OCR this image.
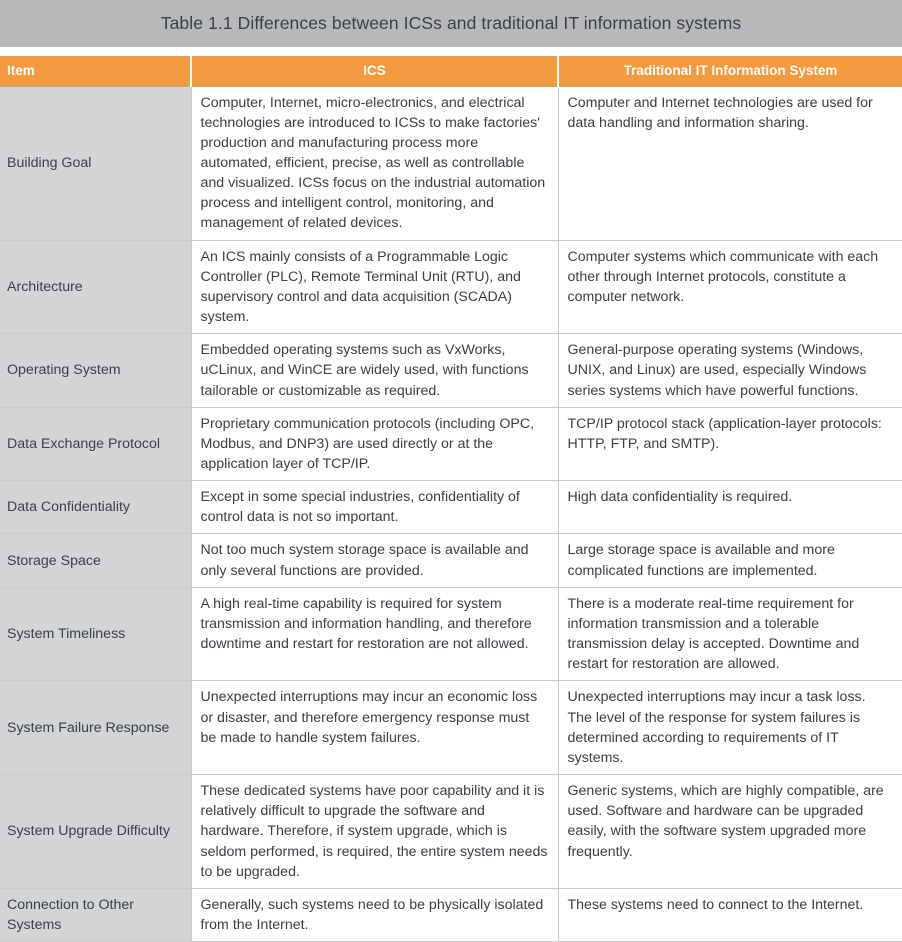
Table 1.1 Differences between ICSs and traditional IT information systems
Item	ICS	Traditional IT Information System
Building Goal	Computer, Internet, micro-electronics, and electrical technologies are introduced to ICSs to make factories' production and manufacturing process more automated, efficient, precise, as well as controllable and visualized. ICSs focus on the industrial automation process and intelligent control, monitoring, and management of related devices.	Computer and Internet technologies are used for data handling and information sharing.
Architecture	An ICS mainly consists of a Programmable Logic Controller (PLC), Remote Terminal Unit (RTU), and supervisory control and data acquisition (SCADA) system.	Computer systems which communicate with each other through Internet protocols, constitute a computer network.
Operating System	Embedded operating systems such as VxWorks, uCLinux, and WinCE are widely used, with functions tailorable or customizable as required.	General-purpose operating systems (Windows, UNIX, and Linux) are used, especially Windows series systems which have powerful functions.
Data Exchange Protocol	Proprietary communication protocols (including OPC, Modbus, and DNP3) are used directly or at the application layer of TCP/IP.	TCP/IP protocol stack (application-layer protocols: HTTP, FTP, and SMTP).
Data Confidentiality	Except in some special industries, confidentiality of control data is not so important.	High data confidentiality is required.
Storage Space	Not too much system storage space is available and only several functions are provided.	Large storage space is available and more complicated functions are implemented.
System Timeliness	A high real-time capability is required for system transmission and information handling, and therefore downtime and restart for restoration are not allowed.	There is a moderate real-time requirement for information transmission and a tolerable transmission delay is accepted. Downtime and restart for restoration are allowed.
System Failure Response	Unexpected interruptions may incur an economic loss or disaster, and therefore emergency response must be made to handle system failures.	Unexpected interruptions may incur a task loss. The level of the response for system failures is determined according to requirements of IT systems.
System Upgrade Difficulty	These dedicated systems have poor capability and it is relatively difficult to upgrade the software and hardware. Therefore, if system upgrade, which is seldom performed, is required, the entire system needs to be upgraded.	Generic systems, which are highly compatible, are used. Software and hardware can be upgraded easily, with the software system upgraded more frequently.
Connection to Other Systems	Generally, such systems need to be physically isolated from the Internet.	These systems need to connect to the Internet.
